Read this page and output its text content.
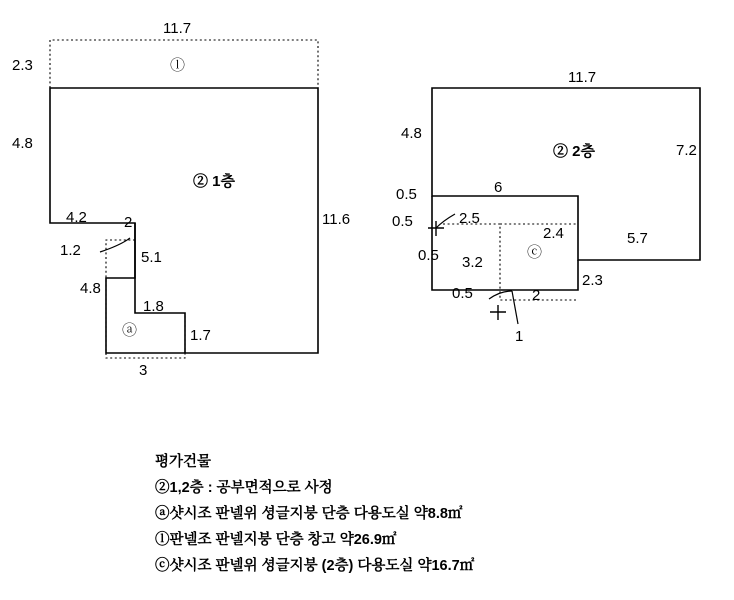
11.7
2.3
4.8
11.6
ⓛ
② 1층
4.2 2
1.2	5.1
4.8
1.8
1.7
ⓐ
3
11.7
4.8
② 2층	7.2
5.7
6
0.5
0.5	2.5
0.5
2.4
ⓒ
2.3
3.2
0.5	2
1
평가건물
②1,2층 : 공부면적으로 사정
ⓐ샷시조 판넬위 셩글지붕 단층 다용도실 약8.8㎡
ⓛ판넬조 판넬지붕 단층 창고 약26.9㎡
ⓒ샷시조 판넬위 셩글지붕 (2층) 다용도실 약16.7㎡
